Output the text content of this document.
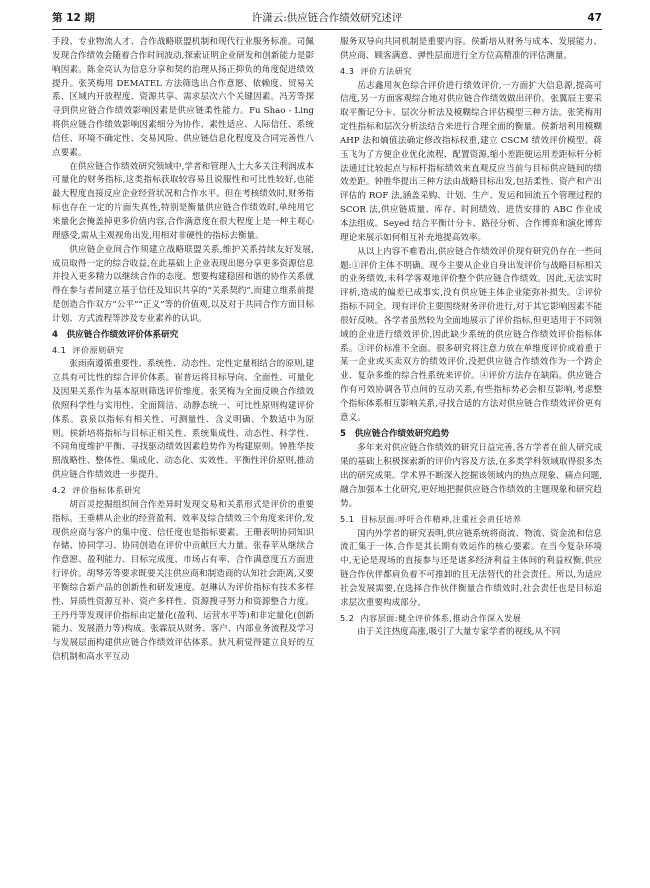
第 12 期	许潇云:供应链合作绩效研究述评	47

手段、专业物流人才、合作战略联盟机制和现代行业服务标准。司佩发现合作绩效会随着合作时间波动,探索证明企业研发和创新能力是影响因素。陈金亮认为信息分享和契约治理从扬正抑负的角度促进绩效提升。张笑梅用 DEMATEL 方法筛选出合作意愿、依赖度、贸易关系、区域内开放程度、资源共享、需求层次六个关键因素。冯芳等探寻到供应链合作绩效影响因素是供应链柔性能力。Fu Shao - Ling 将供应链合作绩效影响因素细分为协作、素性适应、人际信任、系统信任、环境不确定性、交易风险、供应链信息化程度及合同完善性八点要素。

在供应链合作绩效研究领域中,学者和管理人士大多关注利润成本可量化的财务指标,这类指标获取较容易且说服性和可比性较好,也能最大程度直接反应企业经营状况和合作水平。但在考核绩效时,财务指标也存在一定的片面失真性,特别是衡量供应链合作绩效时,单纯用它来量化会掩盖掉更多价值内容,合作满意度在很大程度上是一种主观心理感受,需从主观视角出发,用相对非硬性的指标去衡量。

供应链企业间合作须建立战略联盟关系,维护关系持续友好发展,成员取得一定的综合收益,在此基础上企业表现出愿分享更多资源信息并投入更多精力以继续合作的态度。想要构建稳固和谐的协作关系就得在参与者间建立基于信任及知识共享的“关系契约”,而建立维系前提是创造合作双方“公平”“正义”等的价值观,以及对于共同合作方面目标计划、方式流程等涉及专业素养的认识。

4　供应链合作绩效评价体系研究
4.1 评价原则研究

张雨南遵循重要性、系统性、动态性、定性定量相结合的原则,建立具有可比性的综合评价体系。崔普运将目标导向、全面性、可量化及因果关系作为基本原则筛选评价维度。张笑梅为全面反映合作绩效依照科学性与实用性、全面简洁、动静态统一、可比性原则构建评价体系。袁泉以指标有相关性、可测量性、含义明确、个数适中为原则。侯新培将指标与目标正相关性、系统集成性、动态性、科学性、不同角度维护平衡、寻找驱动绩效因素趋势作为构建原则。钟胜华按照战略性、整体性、集成化、动态化、实效性、平衡性评价原则,推动供应链合作绩效进一步提升。

4.2 评价指标体系研究

胡百灵挖掘组织间合作差异时发现交易和关系形式是评价的重要指标。王垂耕从企业的经营盈利、效率及综合绩效三个角度来评价,发现供应商与客户的集中度、信任度也是指标要素。王珊表明协同知识存储、协同学习、协同创造在评价中贡献巨大力量。张春苹从继续合作意愿、盈利能力、目标完成度、市场占有率、合作满意度五方面进行评价。胡琴芳等要求既要关注供应商和制造商的认知社会距离,又要平衡综合新产品的创新性和研发速度。赵琳认为评价指标有技术多样性、异质性资源互补、资产多样性、资源搜寻努力和资源整合力度。王丹丹等发现评价指标由定量化(盈利、运营水平等)和非定量化(创新能力、发展潜力等)构成。张霖辰从财务、客户、内部业务流程及学习与发展层面构建供应链合作绩效评估体系。狄凡莉觉得建立良好的互信机制和高水平互动

服务双导向共同机制是重要内容。侯新培从财务与成本、发展能力、供应商、顾客满意、弹性层面进行全方位高精准的评估测量。

4.3 评价方法研究

岳志鑫用灰色综合评价进行绩效评价,一方面扩大信息源,提高可信度,另一方面客观综合地对供应链合作绩效做出评价。张翼辰主要采取平衡记分卡、层次分析法及模糊综合评估模型三种方法。张笑梅用定性指标和层次分析法结合来进行合理全面的衡量。侯新培利用模糊 AHP 法和熵值法确定修改指标权重,建立 CSCM 绩效评价模型。蒋玉飞为了方便企业优化流程、配置资源,缩小差距便运用差距标杆分析法通过比较起点与标杆指标绩效来直观反应当前与目标供应链间的绩效差距。钟胜华提出三种方法由战略目标出发,包括柔性、资产和产出评估的 ROF 法,涵盖采购、计划、生产、发运和回流五个管理过程的 SCOR 法,供应链质量、库存、时间绩效、进货安排的 ABC 作业成本法组成。Seyed 结合平衡计分卡、路径分析、合作博弈和演化博弈理论来展示如何相互补充地提高效率。

从以上内容不难看出,供应链合作绩效评价现有研究仍存在一些问题:①评价主体不明确。现今主要从企业自身出发评价与战略目标相关的业务绩效,未科学客观地评价整个供应链合作绩效。因此,无法实时评析,造成的偏差已成事实,没有供应链主体企业能弥补损失。②评价指标不同全。现有评价主要围绕财务评价进行,对于其它影响因素不能很好反映。各学者虽然较为全面地展示了评价指标,但更适用于不同领域的企业进行绩效评价,因此缺少系统的供应链合作绩效评价指标体系。③评价标准不全面。很多研究将注意力放在单维度评价或着重于某一企业或买卖双方的绩效评价,没把供应链合作绩效作为一个跨企业、复杂多维的综合性系统来评价。④评价方法存在缺陷。供应链合作有可效协调各节点间的互动关系,有些指标势必会相互影响,考虑整个指标体系相互影响关系,寻找合适的方法对供应链合作绩效评价更有意义。

5　供应链合作绩效研究趋势

多年来对供应链合作绩效的研究日益完善,各方学者在前人研究成果的基础上积极探索新的评价内容及方法,在多类学科领域取得很多杰出的研究成果。学术界不断深入挖掘该领域内的热点现象、痛点问题,融合加强本土化研究,更好地把握供应链合作绩效的主题现象和研究趋势。

5.1 目标层面:呼吁合作精神,注重社会责任培养

国内外学者的研究表明,供应链系统将商流、物流、资金流和信息流汇集于一体,合作是其长期有效运作的核心要素。在当今复杂环境中,无论是现场的直接参与还是诸多经济利益主体间的利益权衡,供应链合作伙伴都肩负着不可推卸的且无法替代的社会责任。所以,为适应社会发展需要,在选择合作伙伴衡量合作绩效时,社会责任也是目标追求层次重要构成部分。

5.2 内容层面:健全评价体系,推动合作深入发展

由于关注热度高涨,吸引了大量专家学者的视线,从不同
